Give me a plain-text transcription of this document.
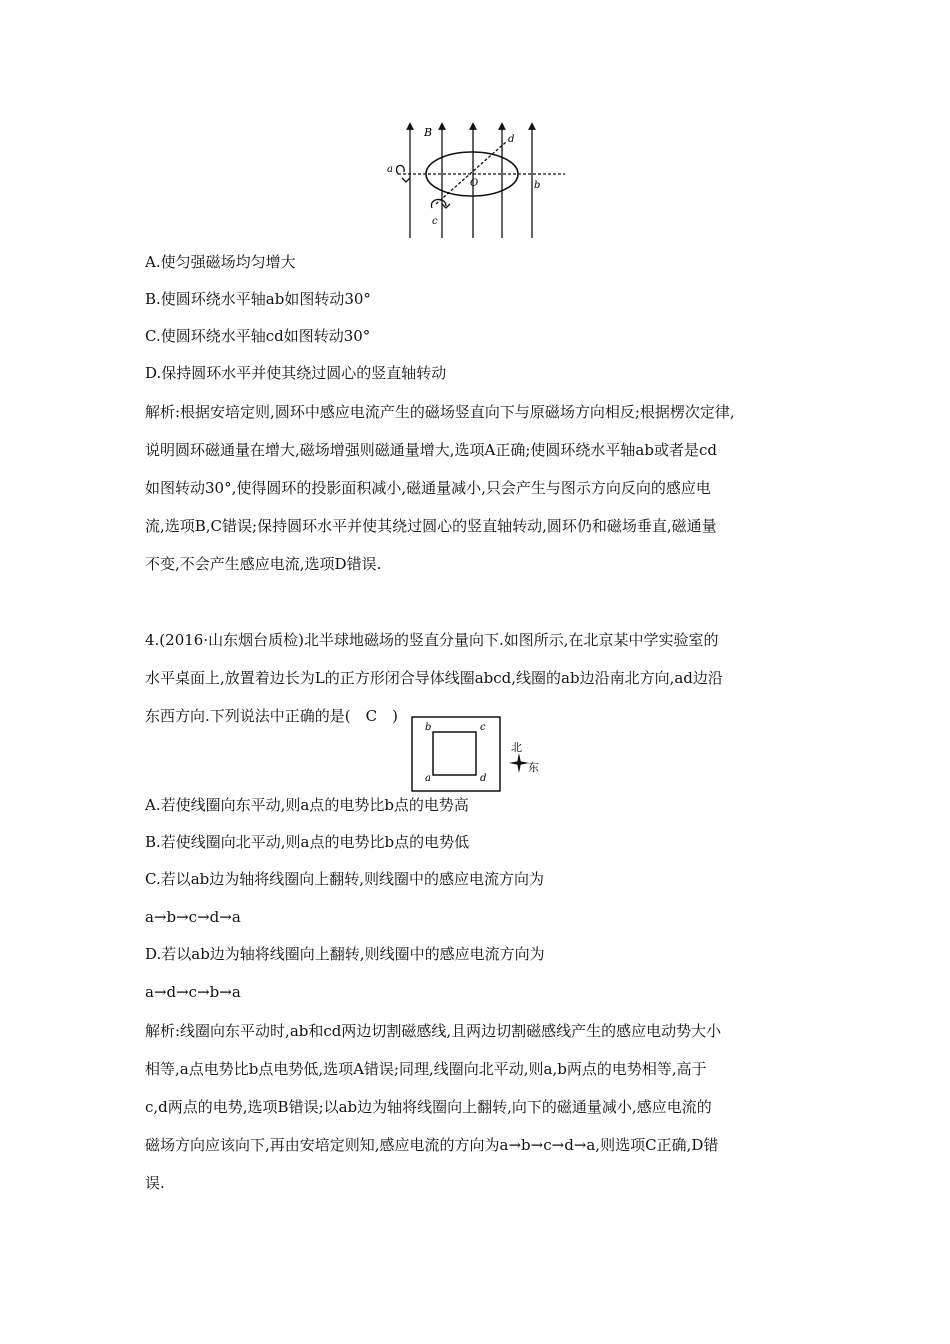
B
a
b
c
d
O
A.使匀强磁场均匀增大
B.使圆环绕水平轴ab如图转动30°
C.使圆环绕水平轴cd如图转动30°
D.保持圆环水平并使其绕过圆心的竖直轴转动
解析:根据安培定则,圆环中感应电流产生的磁场竖直向下与原磁场方向相反;根据楞次定律,
说明圆环磁通量在增大,磁场增强则磁通量增大,选项A正确;使圆环绕水平轴ab或者是cd
如图转动30°,使得圆环的投影面积减小,磁通量减小,只会产生与图示方向反向的感应电
流,选项B,C错误;保持圆环水平并使其绕过圆心的竖直轴转动,圆环仍和磁场垂直,磁通量
不变,不会产生感应电流,选项D错误.
4.(2016·山东烟台质检)北半球地磁场的竖直分量向下.如图所示,在北京某中学实验室的
水平桌面上,放置着边长为L的正方形闭合导体线圈abcd,线圈的ab边沿南北方向,ad边沿
东西方向.下列说法中正确的是(　C　)
b	c
a	d
北
东
A.若使线圈向东平动,则a点的电势比b点的电势高
B.若使线圈向北平动,则a点的电势比b点的电势低
C.若以ab边为轴将线圈向上翻转,则线圈中的感应电流方向为
a→b→c→d→a
D.若以ab边为轴将线圈向上翻转,则线圈中的感应电流方向为
a→d→c→b→a
解析:线圈向东平动时,ab和cd两边切割磁感线,且两边切割磁感线产生的感应电动势大小
相等,a点电势比b点电势低,选项A错误;同理,线圈向北平动,则a,b两点的电势相等,高于
c,d两点的电势,选项B错误;以ab边为轴将线圈向上翻转,向下的磁通量减小,感应电流的
磁场方向应该向下,再由安培定则知,感应电流的方向为a→b→c→d→a,则选项C正确,D错
误.
